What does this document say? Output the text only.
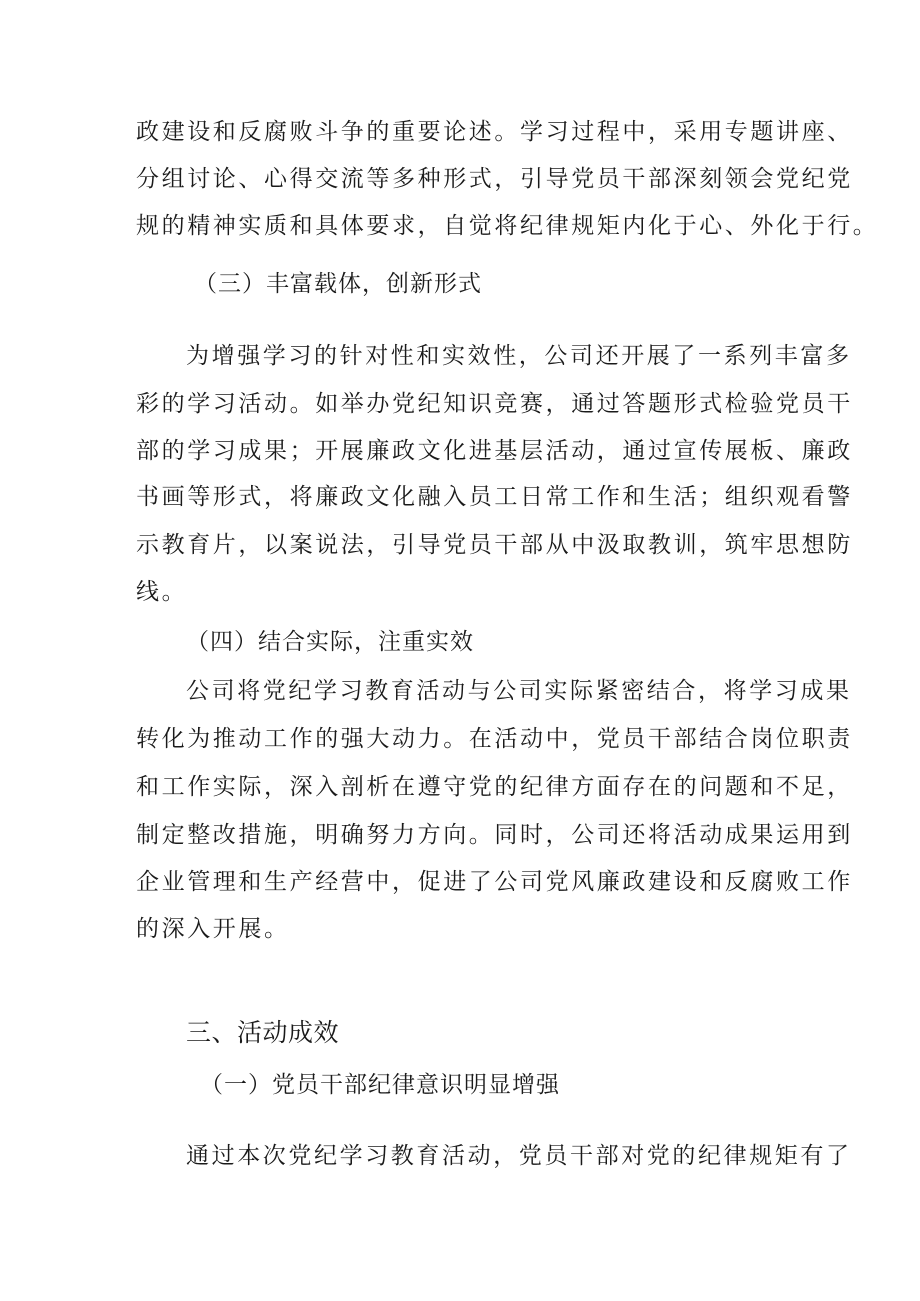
政建设和反腐败斗争的重要论述。学习过程中，采用专题讲座、
分组讨论、心得交流等多种形式，引导党员干部深刻领会党纪党
规的精神实质和具体要求，自觉将纪律规矩内化于心、外化于行。
（三）丰富载体，创新形式
为增强学习的针对性和实效性，公司还开展了一系列丰富多
彩的学习活动。如举办党纪知识竞赛，通过答题形式检验党员干
部的学习成果；开展廉政文化进基层活动，通过宣传展板、廉政
书画等形式，将廉政文化融入员工日常工作和生活；组织观看警
示教育片，以案说法，引导党员干部从中汲取教训，筑牢思想防
线。
（四）结合实际，注重实效
公司将党纪学习教育活动与公司实际紧密结合，将学习成果
转化为推动工作的强大动力。在活动中，党员干部结合岗位职责
和工作实际，深入剖析在遵守党的纪律方面存在的问题和不足，
制定整改措施，明确努力方向。同时，公司还将活动成果运用到
企业管理和生产经营中，促进了公司党风廉政建设和反腐败工作
的深入开展。
三、活动成效
（一）党员干部纪律意识明显增强
通过本次党纪学习教育活动，党员干部对党的纪律规矩有了
